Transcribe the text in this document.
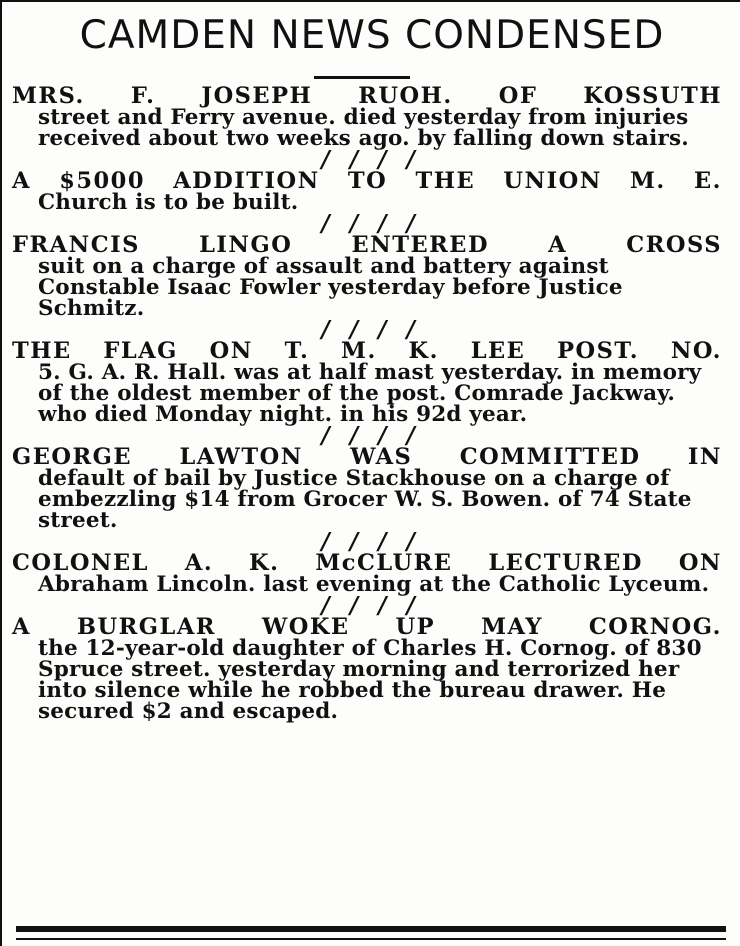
CAMDEN NEWS CONDENSED
MRS. F. JOSEPH RUOH. OF KOSSUTH
street and Ferry avenue. died yesterday from injuries received about two weeks ago. by falling down stairs.
/ / / /
A $5000 ADDITION TO THE UNION M. E.
Church is to be built.
/ / / /
FRANCIS LINGO ENTERED A CROSS
suit on a charge of assault and battery against Constable Isaac Fowler yesterday before Justice Schmitz.
/ / / /
THE FLAG ON T. M. K. LEE POST. NO.
5. G. A. R. Hall. was at half mast yesterday. in memory of the oldest member of the post. Comrade Jackway. who died Monday night. in his 92d year.
/ / / /
GEORGE LAWTON WAS COMMITTED IN
default of bail by Justice Stackhouse on a charge of embezzling $14 from Grocer W. S. Bowen. of 74 State street.
/ / / /
COLONEL A. K. McCLURE LECTURED ON
Abraham Lincoln. last evening at the Catholic Lyceum.
/ / / /
A BURGLAR WOKE UP MAY CORNOG.
the 12-year-old daughter of Charles H. Cornog. of 830 Spruce street. yesterday morning and terrorized her into silence while he robbed the bureau drawer. He secured $2 and escaped.
